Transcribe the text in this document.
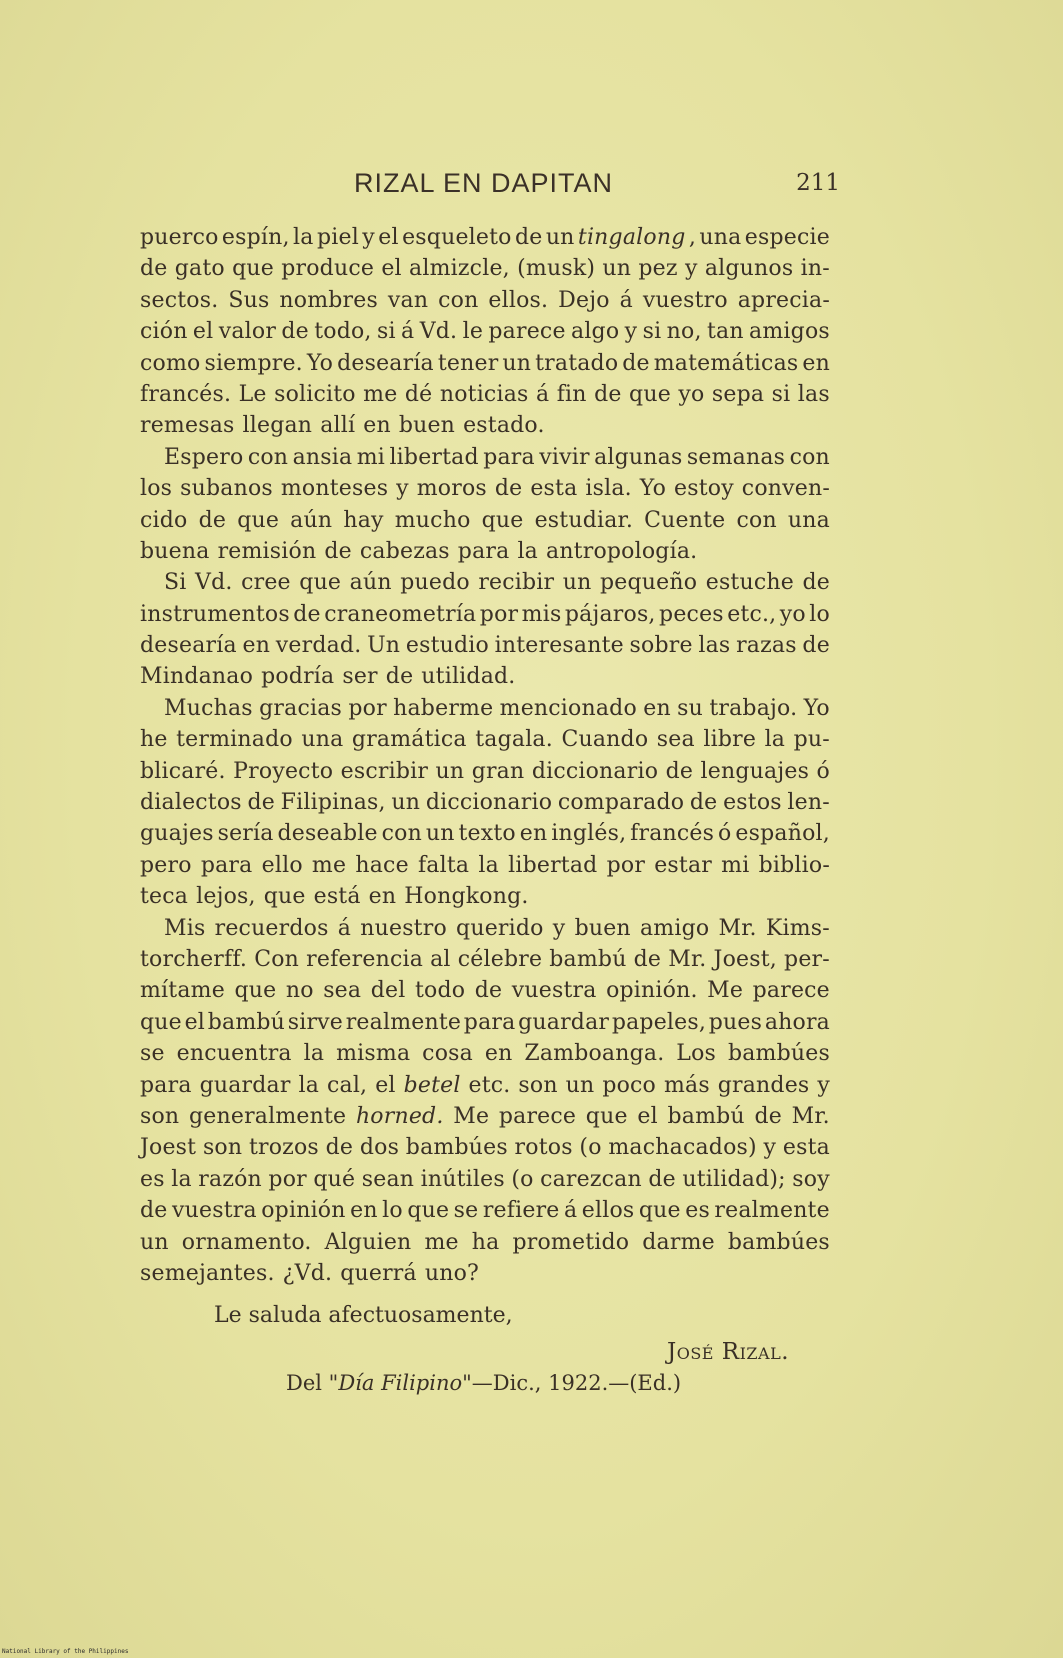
RIZAL EN DAPITAN	211
puerco espín, la piel y el esqueleto de un tingalong , una especie
de gato que produce el almizcle, (musk) un pez y algunos in-
sectos. Sus nombres van con ellos. Dejo á vuestro aprecia-
ción el valor de todo, si á Vd. le parece algo y si no, tan amigos
como siempre. Yo desearía tener un tratado de matemáticas en
francés. Le solicito me dé noticias á fin de que yo sepa si las
remesas llegan allí en buen estado.
Espero con ansia mi libertad para vivir algunas semanas con
los subanos monteses y moros de esta isla. Yo estoy conven-
cido de que aún hay mucho que estudiar. Cuente con una
buena remisión de cabezas para la antropología.
Si Vd. cree que aún puedo recibir un pequeño estuche de
instrumentos de craneometría por mis pájaros, peces etc., yo lo
desearía en verdad. Un estudio interesante sobre las razas de
Mindanao podría ser de utilidad.
Muchas gracias por haberme mencionado en su trabajo. Yo
he terminado una gramática tagala. Cuando sea libre la pu-
blicaré. Proyecto escribir un gran diccionario de lenguajes ó
dialectos de Filipinas, un diccionario comparado de estos len-
guajes sería deseable con un texto en inglés, francés ó español,
pero para ello me hace falta la libertad por estar mi biblio-
teca lejos, que está en Hongkong.
Mis recuerdos á nuestro querido y buen amigo Mr. Kims-
torcherff. Con referencia al célebre bambú de Mr. Joest, per-
mítame que no sea del todo de vuestra opinión. Me parece
que el bambú sirve realmente para guardar papeles, pues ahora
se encuentra la misma cosa en Zamboanga. Los bambúes
para guardar la cal, el betel etc. son un poco más grandes y
son generalmente horned. Me parece que el bambú de Mr.
Joest son trozos de dos bambúes rotos (o machacados) y esta
es la razón por qué sean inútiles (o carezcan de utilidad); soy
de vuestra opinión en lo que se refiere á ellos que es realmente
un ornamento. Alguien me ha prometido darme bambúes
semejantes. ¿Vd. querrá uno?
Le saluda afectuosamente,
José Rizal.
Del "Día Filipino"—Dic., 1922.—(Ed.)
National Library of the Philippines
